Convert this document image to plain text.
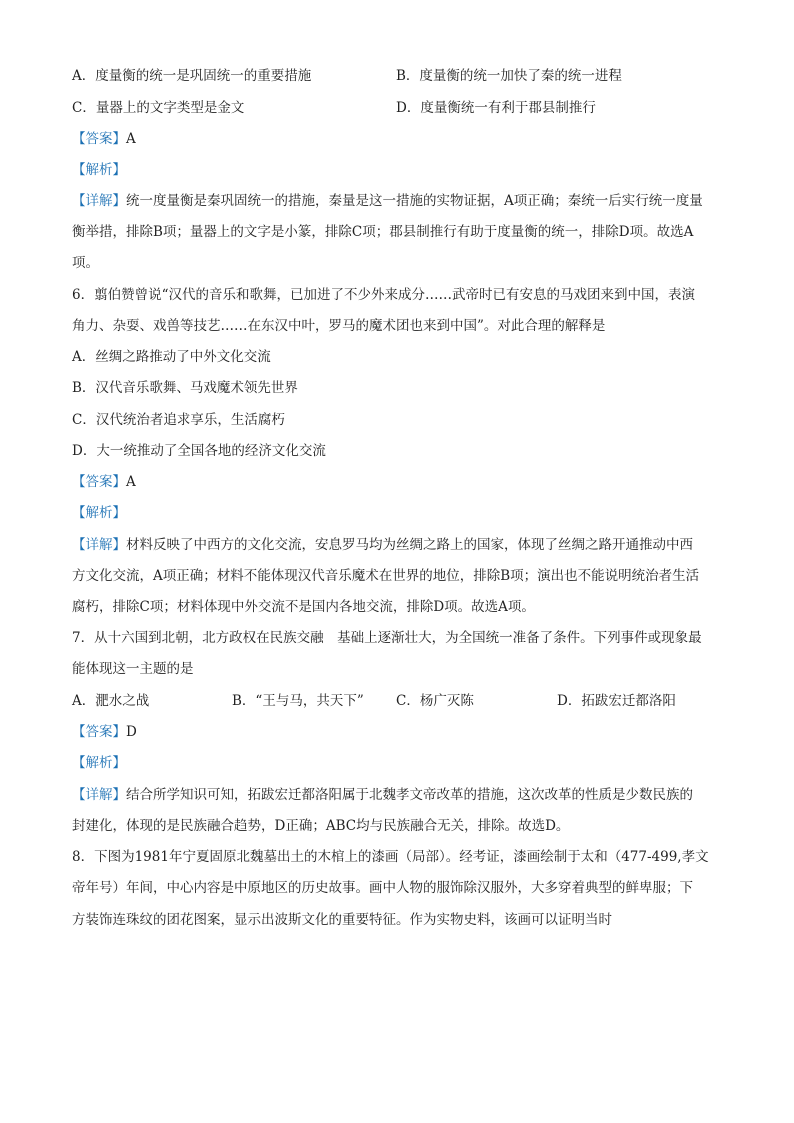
A．度量衡的统一是巩固统一的重要措施	B．度量衡的统一加快了秦的统一进程
C．量器上的文字类型是金文	D．度量衡统一有利于郡县制推行
【答案】A
【解析】
【详解】统一度量衡是秦巩固统一的措施，秦量是这一措施的实物证据，A项正确；秦统一后实行统一度量
衡举措，排除B项；量器上的文字是小篆，排除C项；郡县制推行有助于度量衡的统一，排除D项。故选A
项。
6．翦伯赞曾说“汉代的音乐和歌舞，已加进了不少外来成分……武帝时已有安息的马戏团来到中国，表演
角力、杂耍、戏兽等技艺……在东汉中叶，罗马的魔术团也来到中国”。对此合理的解释是
A．丝绸之路推动了中外文化交流
B．汉代音乐歌舞、马戏魔术领先世界
C．汉代统治者追求享乐，生活腐朽
D．大一统推动了全国各地的经济文化交流
【答案】A
【解析】
【详解】材料反映了中西方的文化交流，安息罗马均为丝绸之路上的国家，体现了丝绸之路开通推动中西
方文化交流，A项正确；材料不能体现汉代音乐魔术在世界的地位，排除B项；演出也不能说明统治者生活
腐朽，排除C项；材料体现中外交流不是国内各地交流，排除D项。故选A项。
7．从十六国到北朝，北方政权在民族交融　基础上逐渐壮大，为全国统一准备了条件。下列事件或现象最
能体现这一主题的是
A．淝水之战	B．“王与马，共天下” C．杨广灭陈	D．拓跋宏迁都洛阳
【答案】D
【解析】
【详解】结合所学知识可知，拓跋宏迁都洛阳属于北魏孝文帝改革的措施，这次改革的性质是少数民族的
封建化，体现的是民族融合趋势，D正确；ABC均与民族融合无关，排除。故选D。
8．下图为1981年宁夏固原北魏墓出土的木棺上的漆画（局部）。经考证，漆画绘制于太和（477-499,孝文
帝年号）年间，中心内容是中原地区的历史故事。画中人物的服饰除汉服外，大多穿着典型的鲜卑服；下
方装饰连珠纹的团花图案，显示出波斯文化的重要特征。作为实物史料，该画可以证明当时
